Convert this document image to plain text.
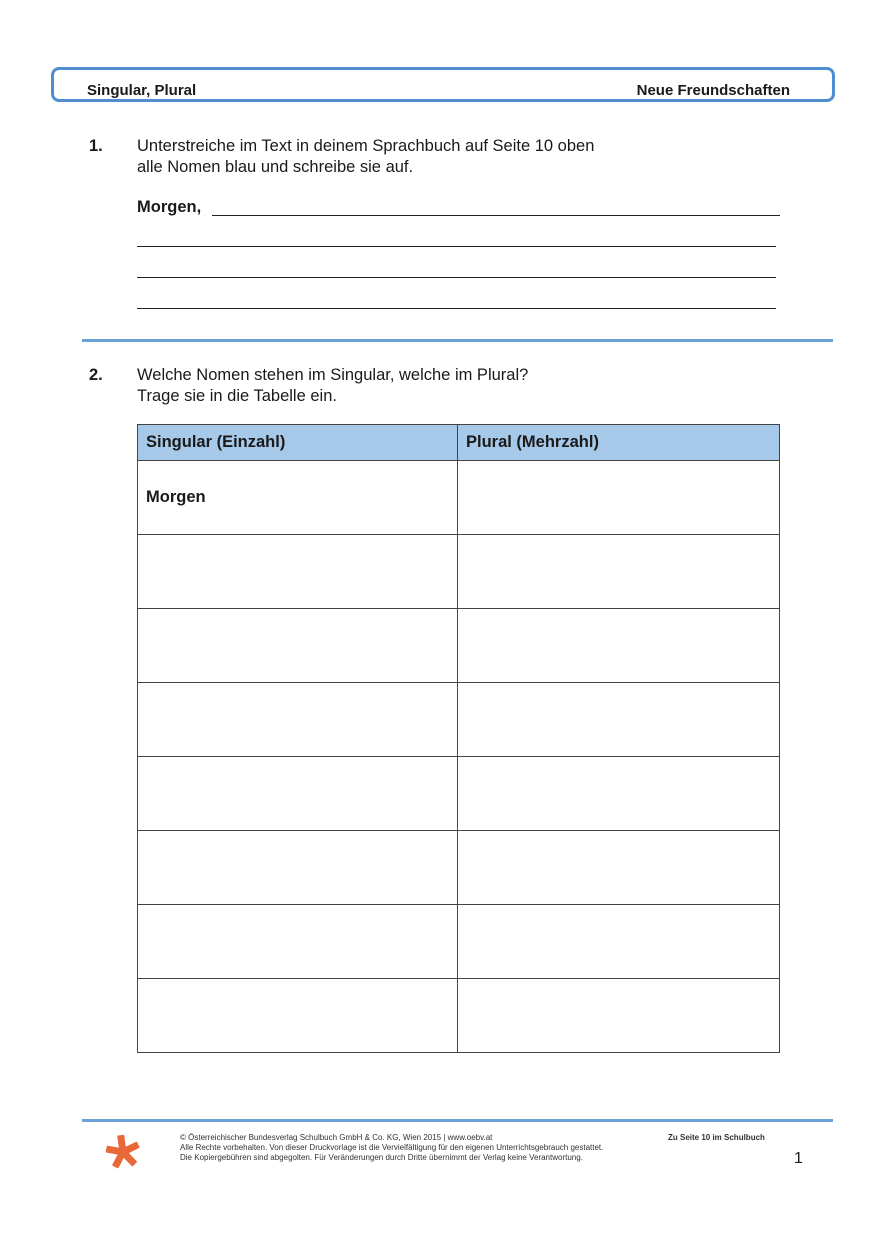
Singular, Plural	Neue Freundschaften
1. Unterstreiche im Text in deinem Sprachbuch auf Seite 10 oben
alle Nomen blau und schreibe sie auf.
Morgen,
2. Welche Nomen stehen im Singular, welche im Plural?
Trage sie in die Tabelle ein.
Singular (Einzahl)	Plural (Mehrzahl)
Morgen	

© Österreichischer Bundesverlag Schulbuch GmbH & Co. KG, Wien 2015 | www.oebv.at
Alle Rechte vorbehalten. Von dieser Druckvorlage ist die Vervielfältigung für den eigenen Unterrichtsgebrauch gestattet.
Die Kopiergebühren sind abgegolten. Für Veränderungen durch Dritte übernimmt der Verlag keine Verantwortung.
Zu Seite 10 im Schulbuch
1
